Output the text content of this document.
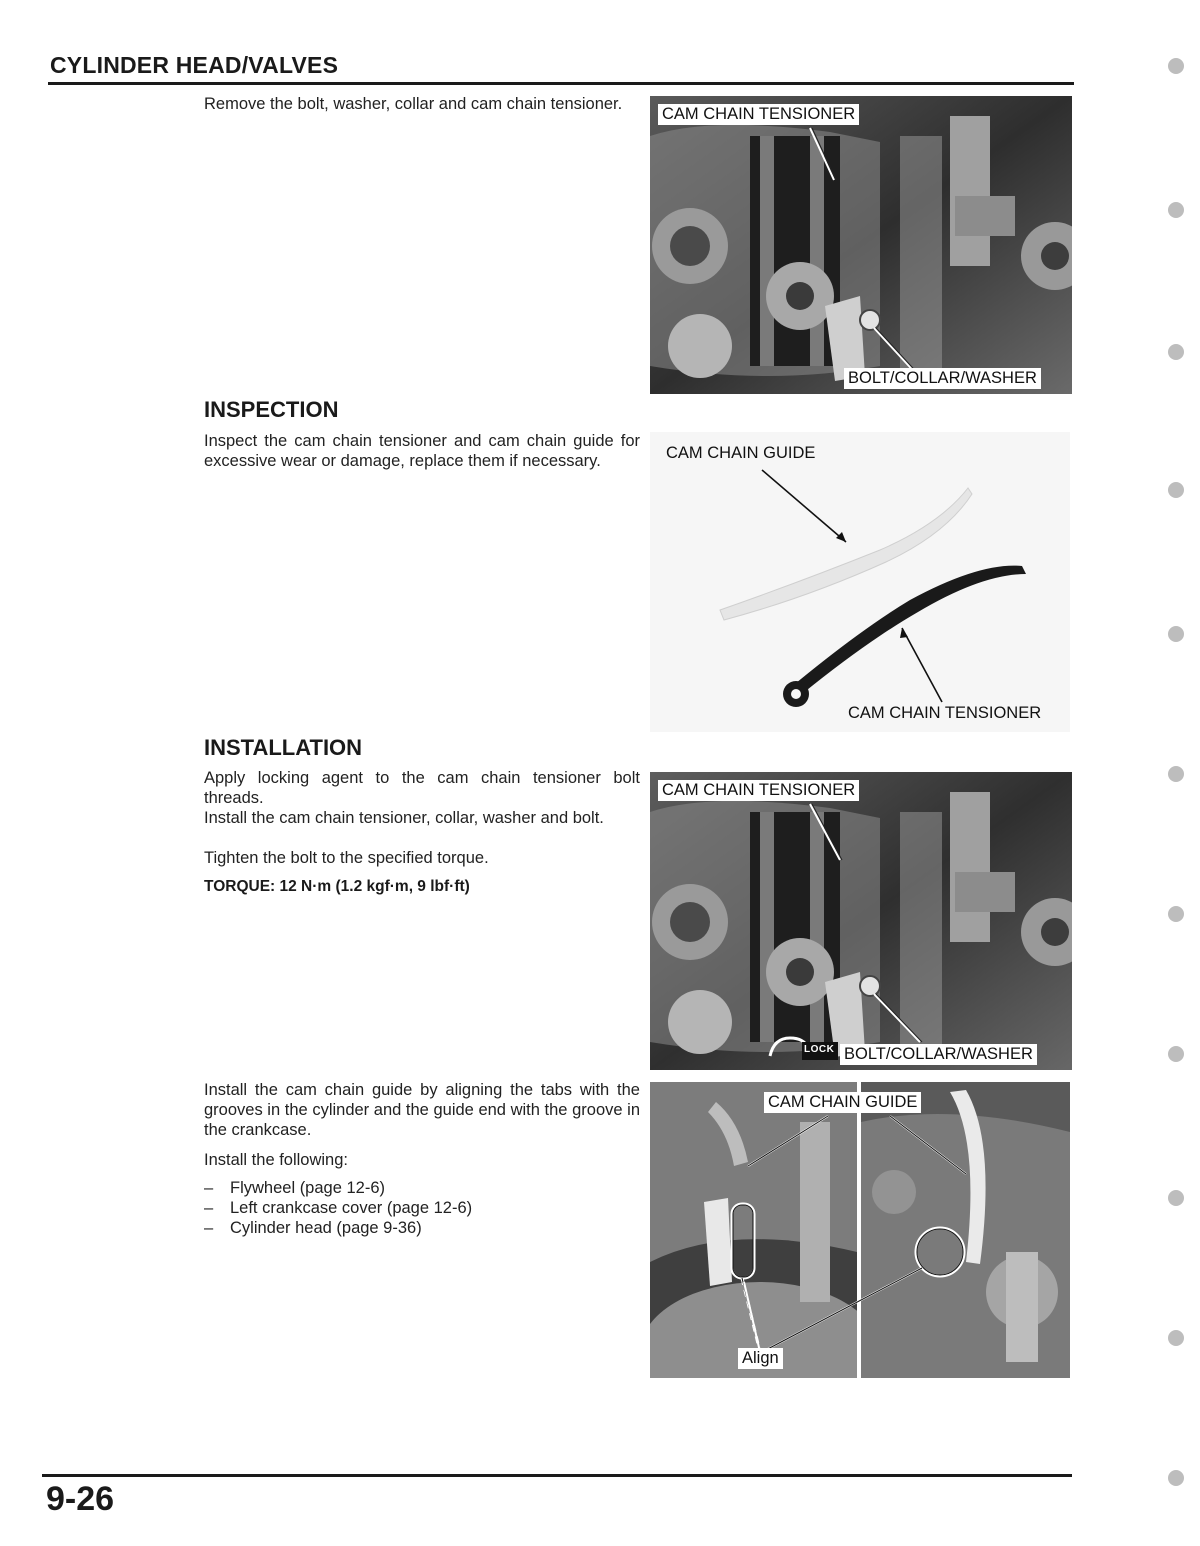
CYLINDER HEAD/VALVES
Remove the bolt, washer, collar and cam chain tensioner.
CAM CHAIN TENSIONER
BOLT/COLLAR/WASHER
INSPECTION
Inspect the cam chain tensioner and cam chain guide for excessive wear or damage, replace them if necessary.	CAM CHAIN GUIDE
CAM CHAIN TENSIONER
INSTALLATION
Apply locking agent to the cam chain tensioner bolt threads.
Install the cam chain tensioner, collar, washer and bolt.
Tighten the bolt to the specified torque.
TORQUE: 12 N·m (1.2 kgf·m, 9 lbf·ft)
CAM CHAIN TENSIONER
LOCK BOLT/COLLAR/WASHER
Install the cam chain guide by aligning the tabs with the grooves in the cylinder and the guide end with the groove in the crankcase.
Install the following:
– Flywheel (page 12-6)
– Left crankcase cover (page 12-6)
– Cylinder head (page 9-36)
CAM CHAIN GUIDE
Align
9-26
